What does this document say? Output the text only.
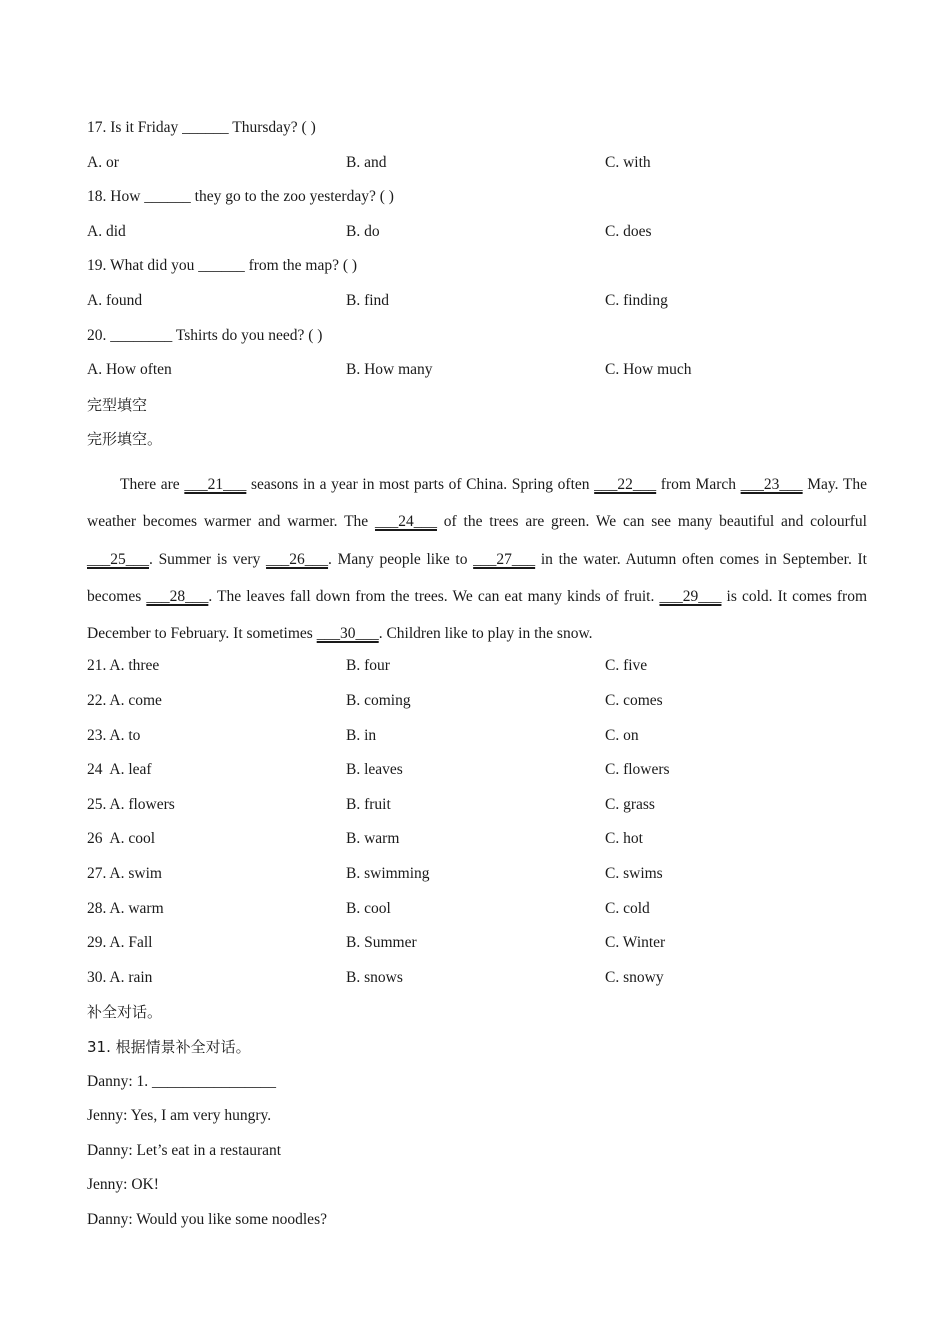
17. Is it Friday ______ Thursday? ( )
A. or	B. and	C. with
18. How ______ they go to the zoo yesterday? ( )
A. did	B. do	C. does
19. What did you ______ from the map? ( )
A. found	B. find	C. finding
20. ________ Tshirts do you need? ( )
A. How often	B. How many	C. How much
完型填空
完形填空。

There are ___21___ seasons in a year in most parts of China. Spring often ___22___ from March ___23___ May. The weather becomes warmer and warmer. The ___24___ of the trees are green. We can see many beautiful and colourful ___25___. Summer is very ___26___. Many people like to ___27___ in the water. Autumn often comes in September. It becomes ___28___. The leaves fall down from the trees. We can eat many kinds of fruit. ___29___ is cold. It comes from December to February. It sometimes ___30___. Children like to play in the snow.

21. A. three	B. four	C. five
22. A. come	B. coming	C. comes
23. A. to	B. in	C. on
24  A. leaf	B. leaves	C. flowers
25. A. flowers	B. fruit	C. grass
26  A. cool	B. warm	C. hot
27. A. swim	B. swimming	C. swims
28. A. warm	B. cool	C. cold
29. A. Fall	B. Summer	C. Winter
30. A. rain	B. snows	C. snowy
补全对话。
31. 根据情景补全对话。
Danny: 1. ________________
Jenny: Yes, I am very hungry.
Danny: Let’s eat in a restaurant
Jenny: OK!
Danny: Would you like some noodles?
